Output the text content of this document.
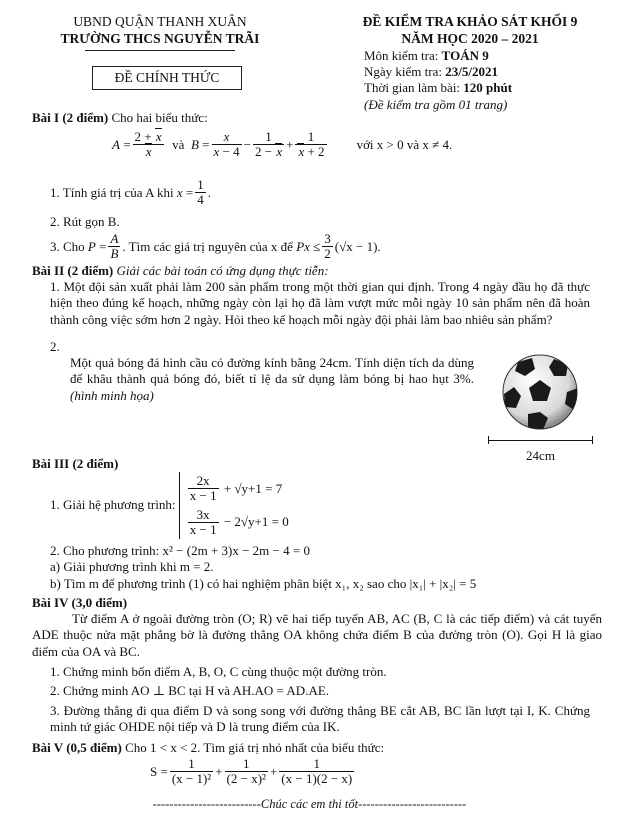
UBND QUẬN THANH XUÂN
TRƯỜNG THCS NGUYỄN TRÃI
ĐỀ CHÍNH THỨC
ĐỀ KIỂM TRA KHẢO SÁT KHỐI 9
NĂM HỌC 2020 – 2021
Môn kiểm tra: TOÁN 9
Ngày kiểm tra: 23/5/2021
Thời gian làm bài: 120 phút
(Đề kiểm tra gồm 01 trang)
Bài I (2 điểm) Cho hai biểu thức:
$A = \frac{2 + x}{x}$ và $B = \frac{x}{x - 4} - \frac{1}{2 - x} + \frac{1}{x + 2}$ với x > 0 và x ≠ 4.
1. Tính giá trị của A khi
$x = \frac{1}{4}$ .
2. Rút gọn B.
3. Cho
$P = \frac{A}{B}$ . Tìm các giá trị nguyên của x để
$Px \le \frac{3}{2} (√x - 1)$.
Bài II (2 điểm) Giải các bài toán có ứng dụng thực tiễn:
1. Một đội sản xuất phải làm 200 sản phẩm trong một thời gian qui định. Trong 4 ngày đầu họ đã thực hiện theo đúng kế hoạch, những ngày còn lại họ đã làm vượt mức mỗi ngày 10 sản phẩm nên đã hoàn thành công việc sớm hơn 2 ngày. Hỏi theo kế hoạch mỗi ngày đội phải làm bao nhiêu sản phẩm?
2.
Một quả bóng đá hình cầu có đường kính bằng 24cm. Tính diện tích da dùng để khâu thành quả bóng đó, biết tỉ lệ da sử dụng làm bóng bị hao hụt 3%. (hình minh họa)
24cm
Bài III (2 điểm)
1. Giải hệ phương trình:

$\frac{2x}{x - 1}$
+ √y+1 = 7
$\frac{3x}{x - 1}$
− 2√y+1 = 0
2. Cho phương trình: x² − (2m + 3)x − 2m − 4 = 0
a) Giải phương trình khi m = 2.
b) Tìm m để phương trình (1) có hai nghiệm phân biệt x₁, x₂ sao cho |x₁| + |x₂| = 5
Bài IV (3,0 điểm)
Từ điểm A ở ngoài đường tròn (O; R) vẽ hai tiếp tuyến AB, AC (B, C là các tiếp điểm) và cát tuyến ADE thuộc nửa mặt phẳng bờ là đường thẳng OA không chứa điểm B của đường tròn (O). Gọi H là giao điểm của OA và BC.
1. Chứng minh bốn điểm A, B, O, C cùng thuộc một đường tròn.
2. Chứng minh AO ⊥ BC tại H và AH.AO = AD.AE.
3. Đường thẳng đi qua điểm D và song song với đường thẳng BE cắt AB, BC lần lượt tại I, K. Chứng minh tứ giác OHDE nội tiếp và D là trung điểm của IK.
Bài V (0,5 điểm) Cho 1 < x < 2. Tìm giá trị nhỏ nhất của biểu thức:
$S = \frac{1}{\text{(x − 1)²}} + \frac{1}{\text{(2 − x)²}} + \frac{1}{(x - 1)(2 - x)}$
--------------------------Chúc các em thi tốt--------------------------
